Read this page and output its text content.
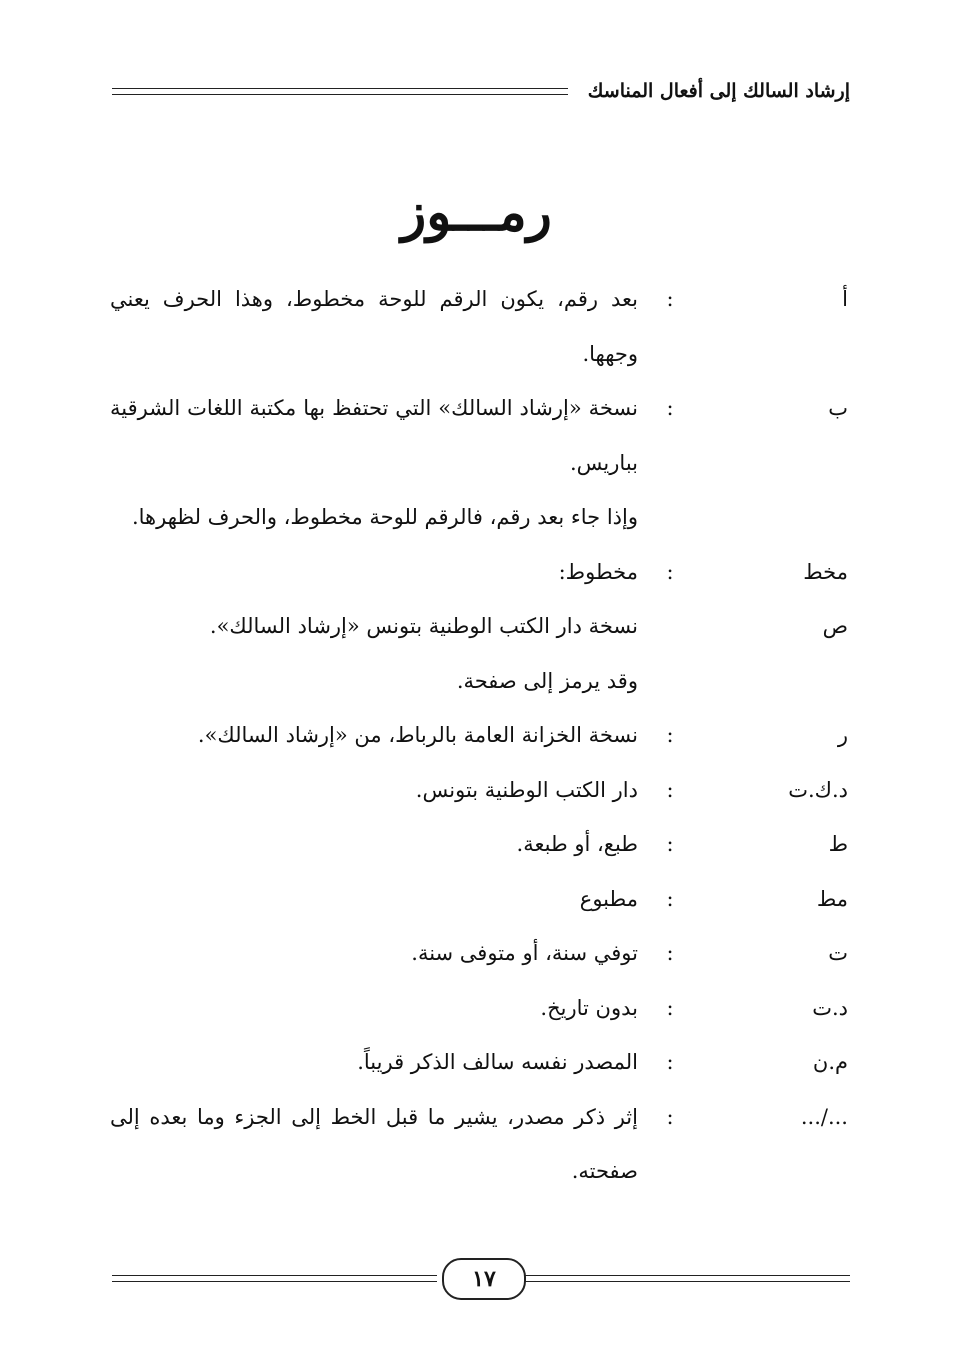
إرشاد السالك إلى أفعال المناسك
رمـــوز
أ
:
بعد رقم، يكون الرقم للوحة مخطوط، وهذا الحرف يعني وجهها.
ب
:
نسخة «إرشاد السالك» التي تحتفظ بها مكتبة اللغات الشرقية بباريس.
وإذا جاء بعد رقم، فالرقم للوحة مخطوط، والحرف لظهرها.
مخط
:
مخطوط:
ص
نسخة دار الكتب الوطنية بتونس «إرشاد السالك».
وقد يرمز إلى صفحة.
ر
:
نسخة الخزانة العامة بالرباط، من «إرشاد السالك».
د.ك.ت
:
دار الكتب الوطنية بتونس.
ط
:
طبع، أو طبعة.
مط
:
مطبوع
ت
:
توفي سنة، أو متوفى سنة.
د.ت
:
بدون تاريخ.
م.ن
:
المصدر نفسه سالف الذكر قريباً.
.../...
:
إثر ذكر مصدر، يشير ما قبل الخط إلى الجزء وما بعده إلى صفحته.
١٧
